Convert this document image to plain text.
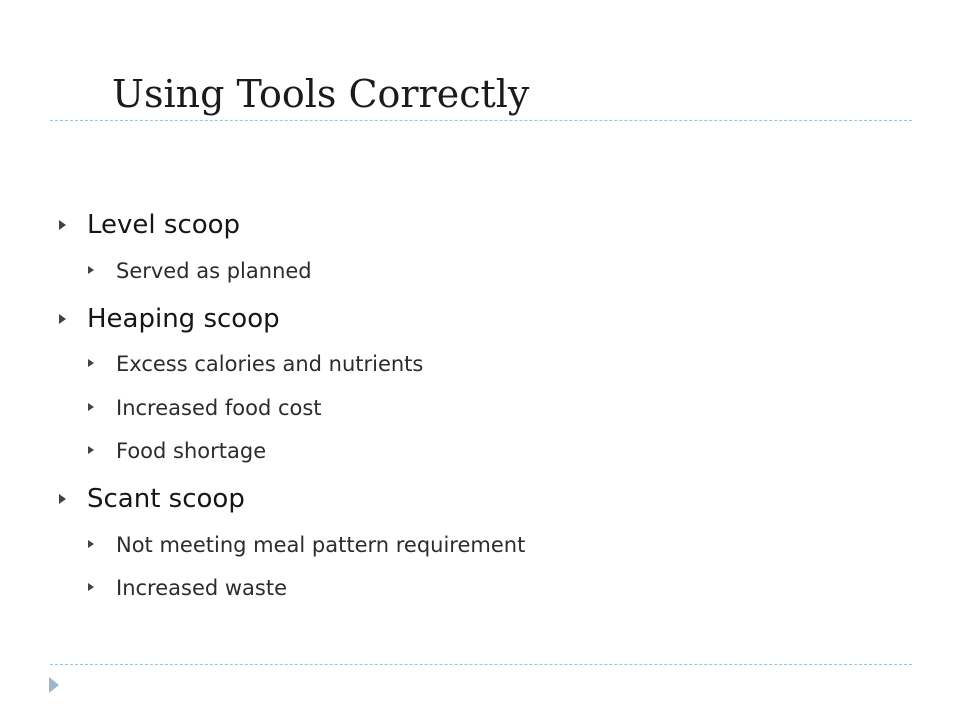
Using Tools Correctly
Level scoop
Served as planned
Heaping scoop
Excess calories and nutrients
Increased food cost
Food shortage
Scant scoop
Not meeting meal pattern requirement
Increased waste
